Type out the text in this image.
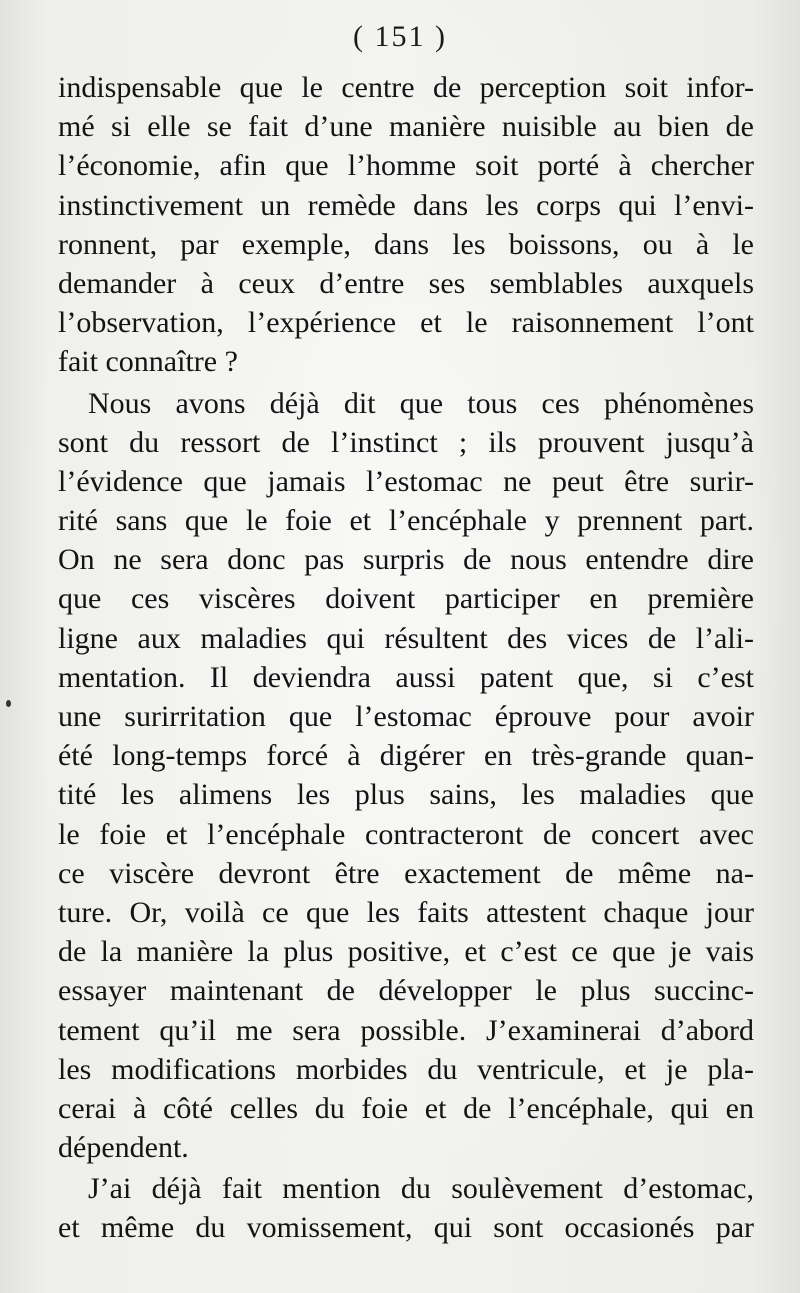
( 151 )
indispensable que le centre de perception soit infor-
mé si elle se fait d’une manière nuisible au bien de
l’économie, afin que l’homme soit porté à chercher
instinctivement un remède dans les corps qui l’envi-
ronnent, par exemple, dans les boissons, ou à le
demander à ceux d’entre ses semblables auxquels
l’observation, l’expérience et le raisonnement l’ont
fait connaître ?
Nous avons déjà dit que tous ces phénomènes
sont du ressort de l’instinct ; ils prouvent jusqu’à
l’évidence que jamais l’estomac ne peut être surir-
rité sans que le foie et l’encéphale y prennent part.
On ne sera donc pas surpris de nous entendre dire
que ces viscères doivent participer en première
ligne aux maladies qui résultent des vices de l’ali-
mentation. Il deviendra aussi patent que, si c’est
une surirritation que l’estomac éprouve pour avoir
été long-temps forcé à digérer en très-grande quan-
tité les alimens les plus sains, les maladies que
le foie et l’encéphale contracteront de concert avec
ce viscère devront être exactement de même na-
ture. Or, voilà ce que les faits attestent chaque jour
de la manière la plus positive, et c’est ce que je vais
essayer maintenant de développer le plus succinc-
tement qu’il me sera possible. J’examinerai d’abord
les modifications morbides du ventricule, et je pla-
cerai à côté celles du foie et de l’encéphale, qui en
dépendent.
J’ai déjà fait mention du soulèvement d’estomac,
et même du vomissement, qui sont occasionés par
